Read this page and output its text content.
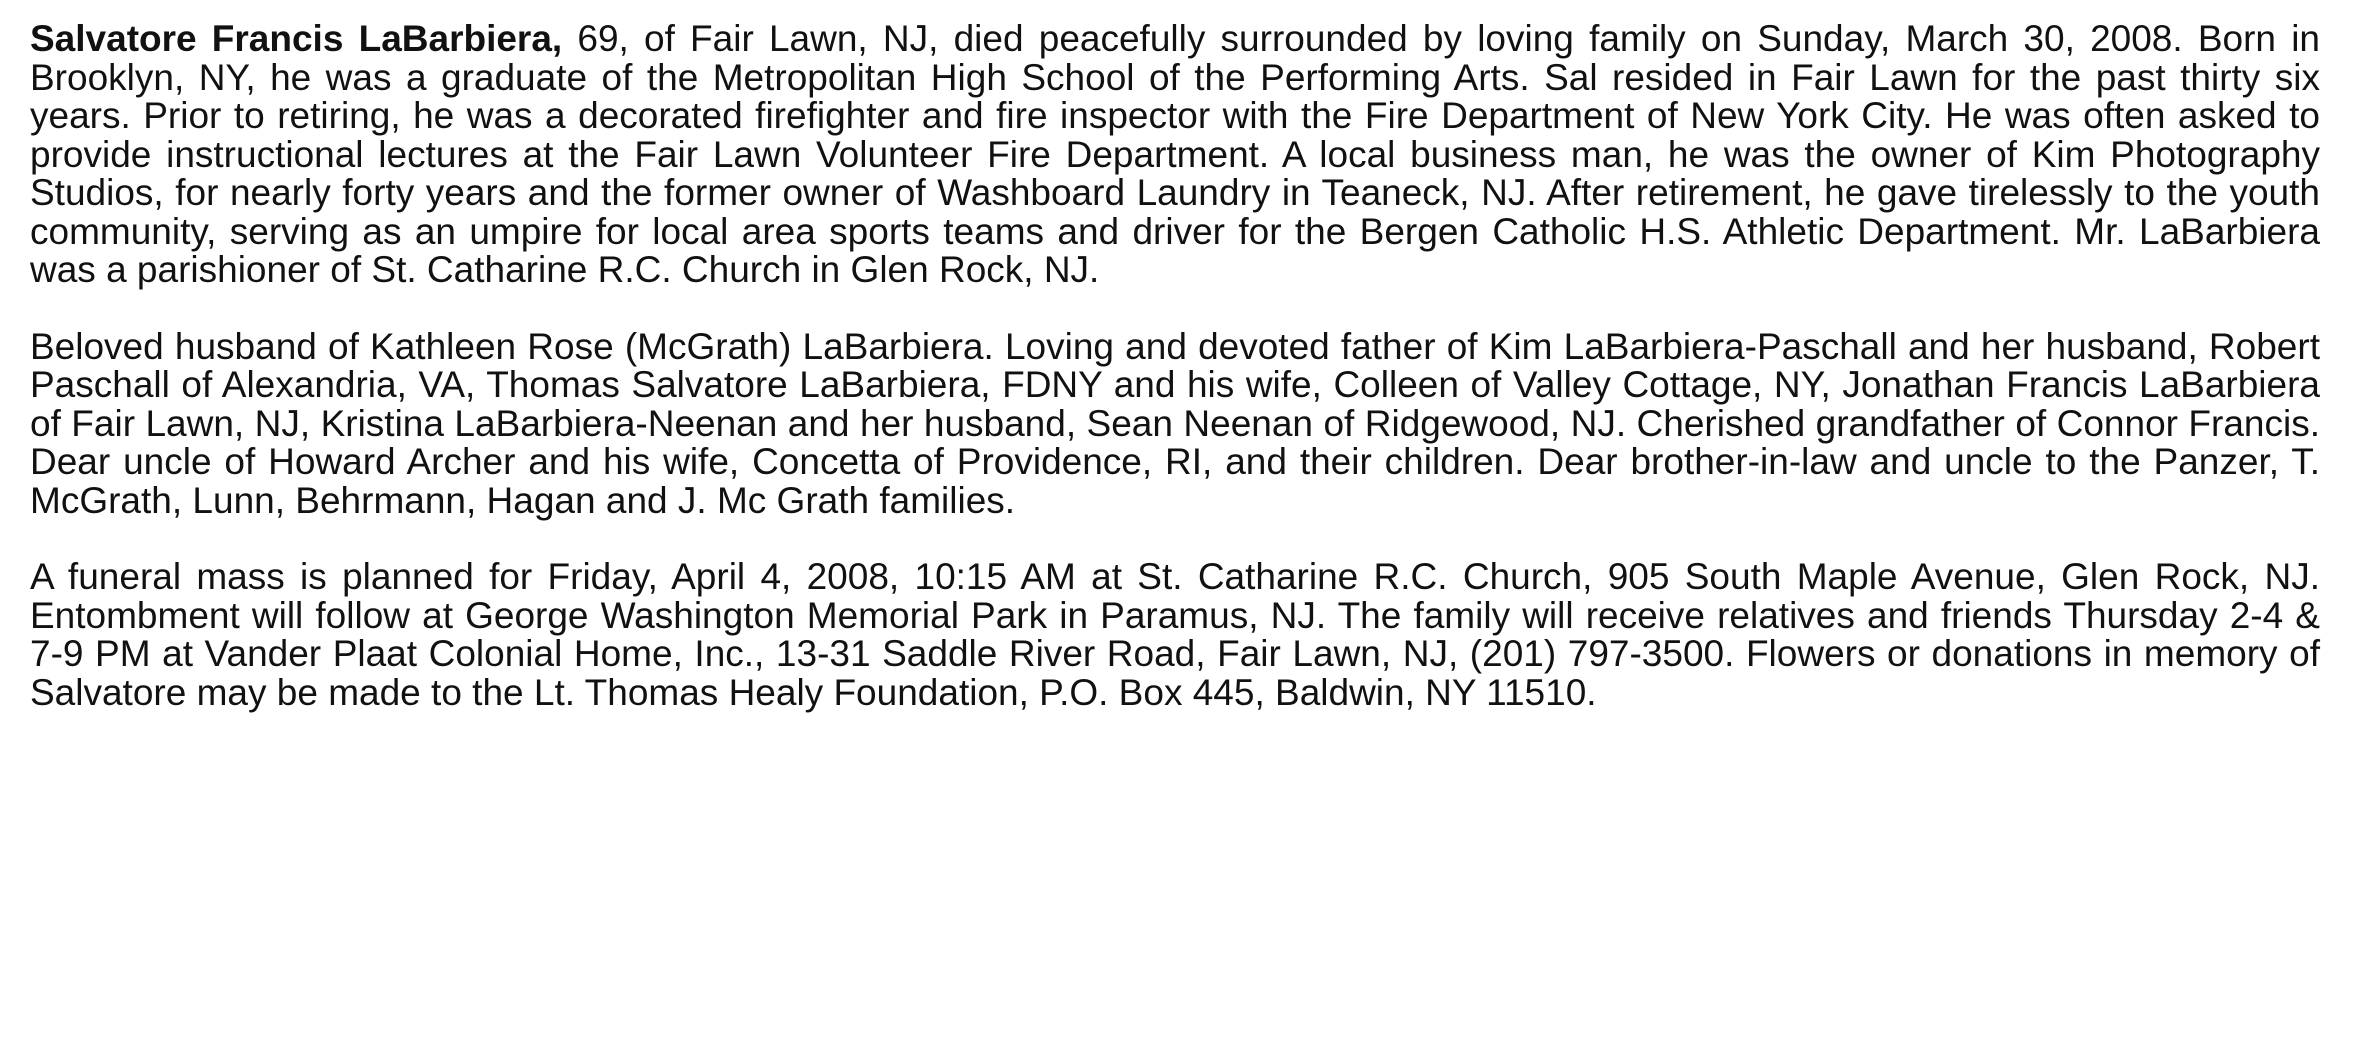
Salvatore Francis LaBarbiera, 69, of Fair Lawn, NJ, died peacefully surrounded by loving family on Sunday, March 30, 2008. Born in Brooklyn, NY, he was a graduate of the Metropolitan High School of the Performing Arts. Sal resided in Fair Lawn for the past thirty six years. Prior to retiring, he was a decorated firefighter and fire inspector with the Fire Department of New York City. He was often asked to provide instructional lectures at the Fair Lawn Volunteer Fire Department. A local business man, he was the owner of Kim Photography Studios, for nearly forty years and the former owner of Washboard Laundry in Teaneck, NJ. After retirement, he gave tirelessly to the youth community, serving as an umpire for local area sports teams and driver for the Bergen Catholic H.S. Athletic Department. Mr. LaBarbiera was a parishioner of St. Catharine R.C. Church in Glen Rock, NJ.

Beloved husband of Kathleen Rose (McGrath) LaBarbiera. Loving and devoted father of Kim LaBarbiera-Paschall and her husband, Robert Paschall of Alexandria, VA, Thomas Salvatore LaBarbiera, FDNY and his wife, Colleen of Valley Cottage, NY, Jonathan Francis LaBarbiera of Fair Lawn, NJ, Kristina LaBarbiera-Neenan and her husband, Sean Neenan of Ridgewood, NJ. Cherished grandfather of Connor Francis. Dear uncle of Howard Archer and his wife, Concetta of Providence, RI, and their children. Dear brother-in-law and uncle to the Panzer, T. McGrath, Lunn, Behrmann, Hagan and J. Mc Grath families.

A funeral mass is planned for Friday, April 4, 2008, 10:15 AM at St. Catharine R.C. Church, 905 South Maple Avenue, Glen Rock, NJ. Entombment will follow at George Washington Memorial Park in Paramus, NJ. The family will receive relatives and friends Thursday 2-4 & 7-9 PM at Vander Plaat Colonial Home, Inc., 13-31 Saddle River Road, Fair Lawn, NJ, (201) 797-3500. Flowers or donations in memory of Salvatore may be made to the Lt. Thomas Healy Foundation, P.O. Box 445, Baldwin, NY 11510.
